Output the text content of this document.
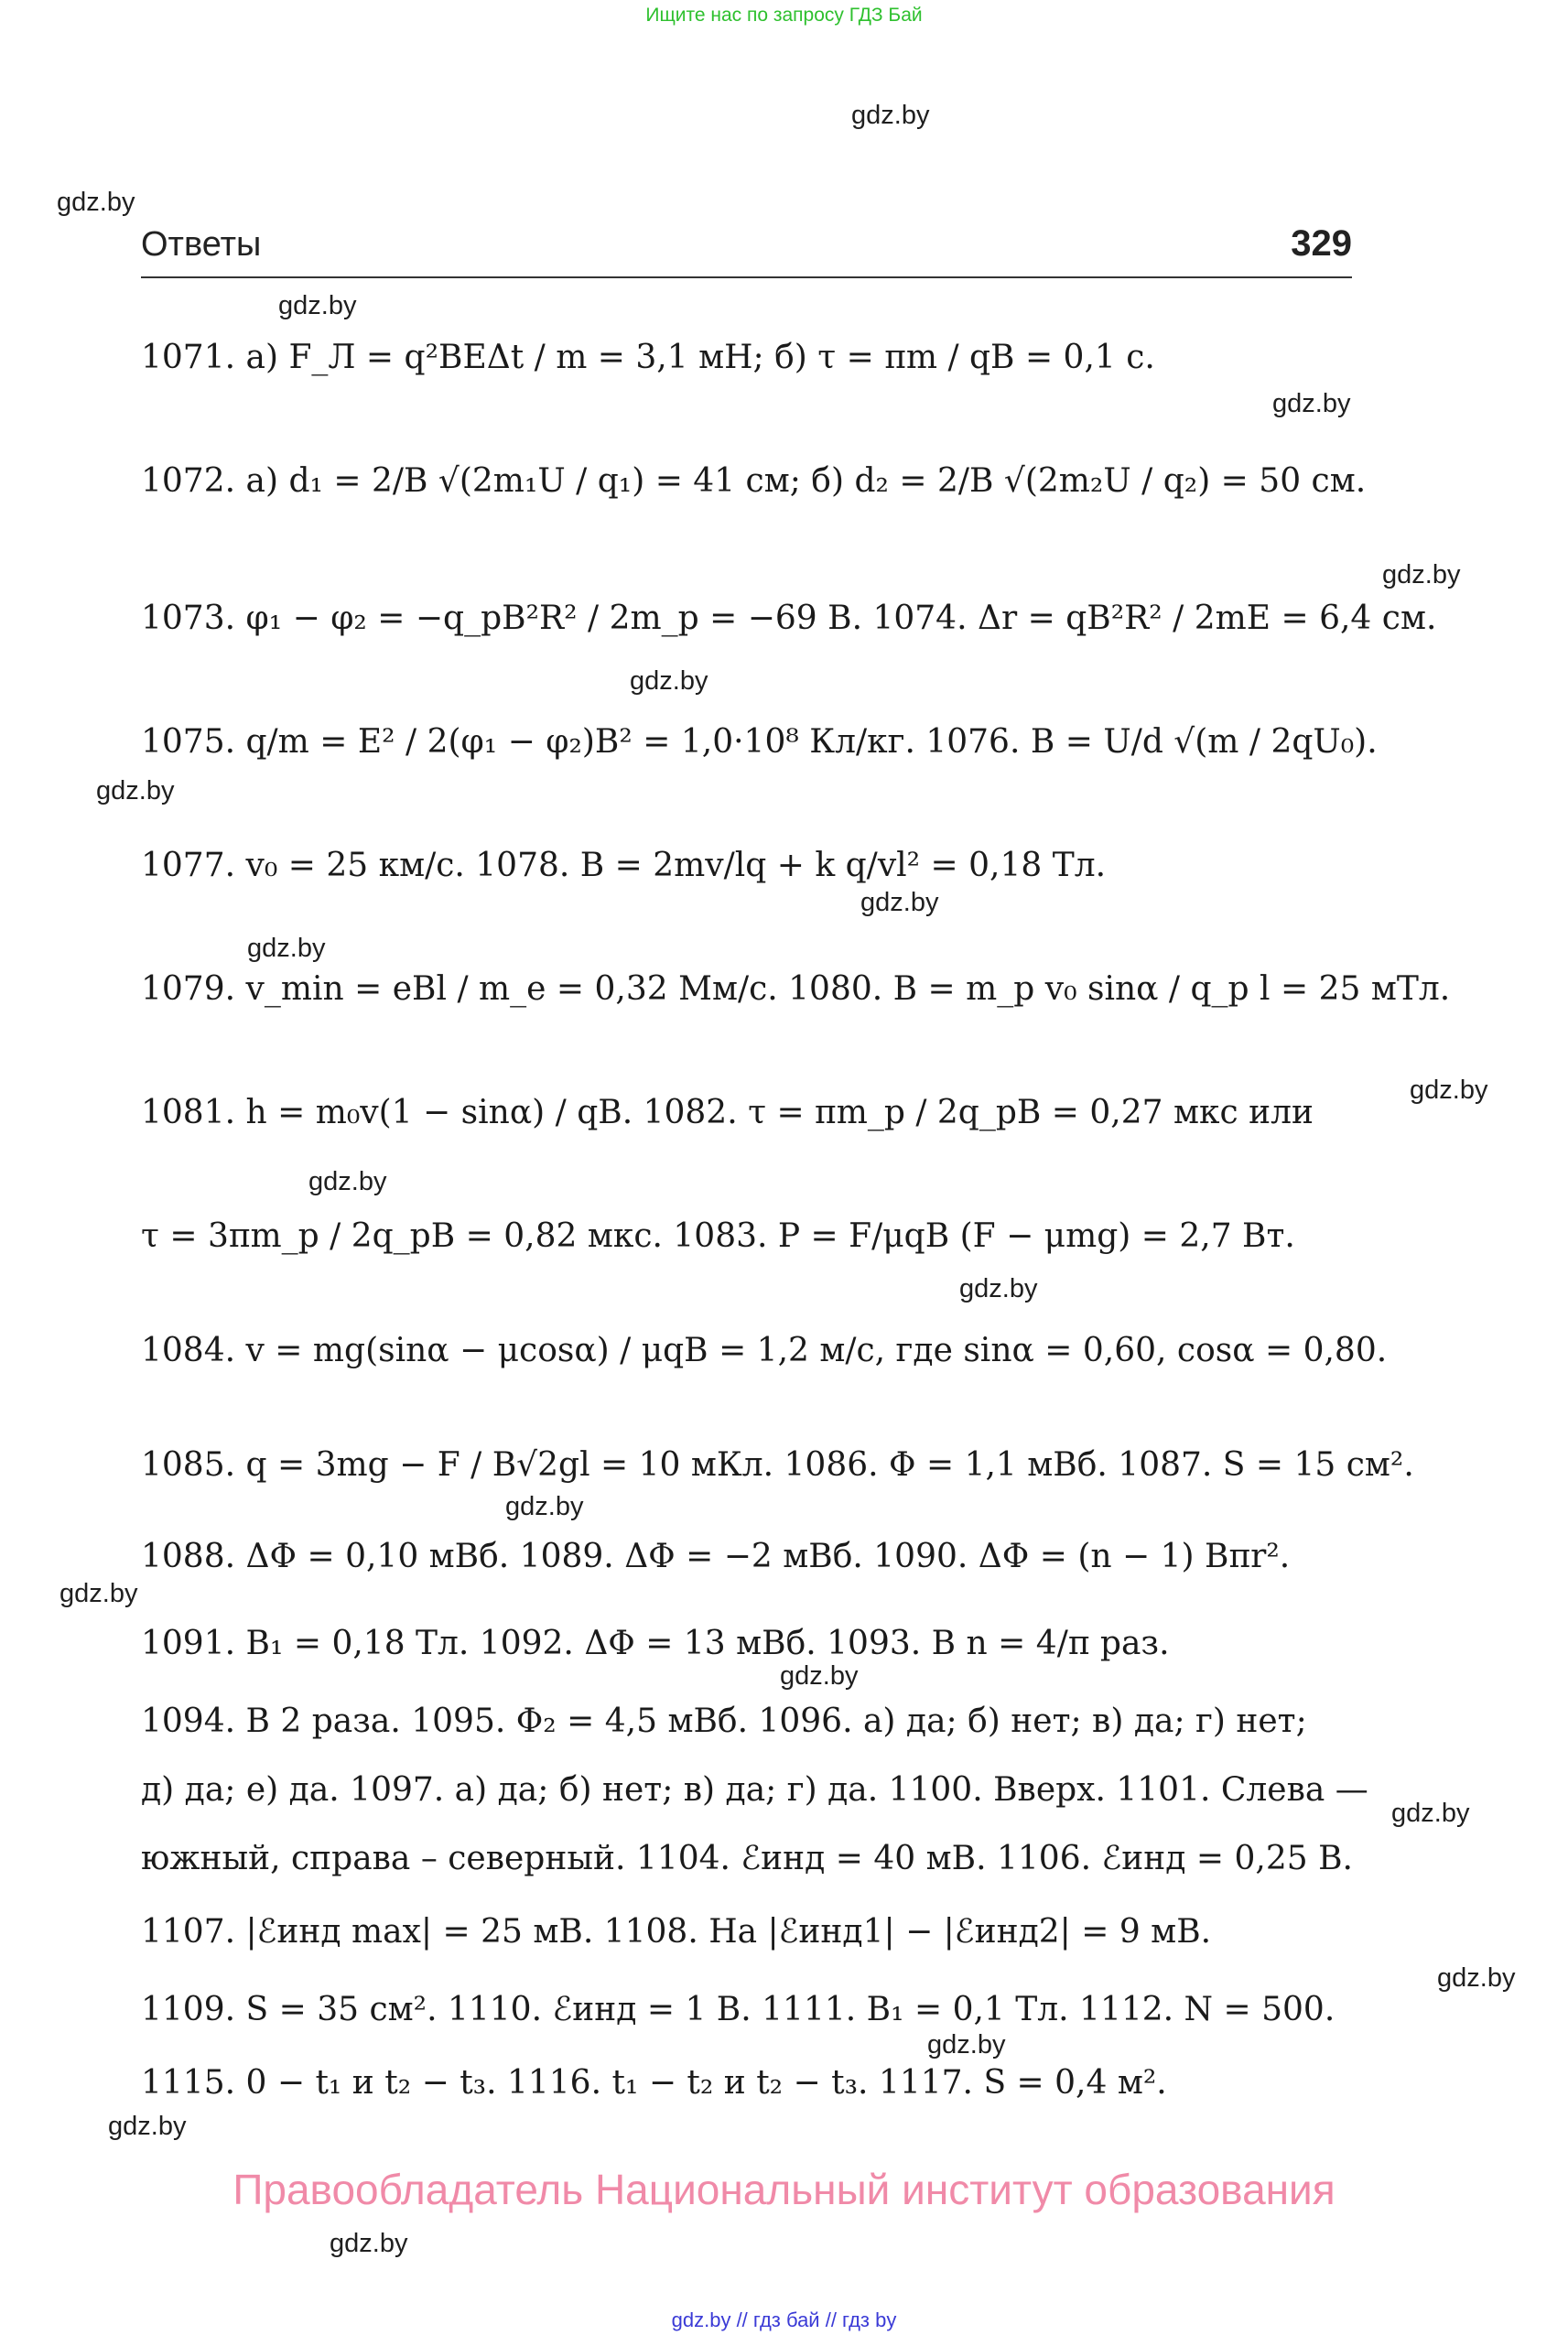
Ищите нас по запросу ГДЗ Бай
gdz.by
gdz.by
gdz.by
gdz.by
gdz.by
gdz.by
gdz.by
gdz.by
gdz.by
gdz.by
gdz.by
gdz.by
gdz.by
gdz.by
gdz.by
gdz.by
gdz.by
gdz.by
gdz.by
gdz.by
Ответы	329
1071. а) F_Л = q²BEΔt / m = 3,1 мН; б) τ = πm / qB = 0,1 с.
1072. а) d₁ = 2/B √(2m₁U / q₁) = 41 см; б) d₂ = 2/B √(2m₂U / q₂) = 50 см.
1073. φ₁ − φ₂ = −q_pB²R² / 2m_p = −69 В. 1074. Δr = qB²R² / 2mE = 6,4 см.
1075. q/m = E² / 2(φ₁ − φ₂)B² = 1,0·10⁸ Кл/кг. 1076. B = U/d √(m / 2qU₀).
1077. v₀ = 25 км/с. 1078. B = 2mv/lq + k q/vl² = 0,18 Тл.
1079. v_min = eBl / m_e = 0,32 Мм/с. 1080. B = m_p v₀ sinα / q_p l = 25 мТл.
1081. h = m₀v(1 − sinα) / qB. 1082. τ = πm_p / 2q_pB = 0,27 мкс или
τ = 3πm_p / 2q_pB = 0,82 мкс. 1083. P = F/μqB (F − μmg) = 2,7 Вт.
1084. v = mg(sinα − μcosα) / μqB = 1,2 м/с, где sinα = 0,60, cosα = 0,80.
1085. q = 3mg − F / B√2gl = 10 мКл. 1086. Φ = 1,1 мВб. 1087. S = 15 см².
1088. ΔΦ = 0,10 мВб. 1089. ΔΦ = −2 мВб. 1090. ΔΦ = (n − 1) Bπr².
1091. B₁ = 0,18 Тл. 1092. ΔΦ = 13 мВб. 1093. В n = 4/π раз.
1094. В 2 раза. 1095. Φ₂ = 4,5 мВб. 1096. а) да; б) нет; в) да; г) нет;
д) да; е) да. 1097. а) да; б) нет; в) да; г) да. 1100. Вверх. 1101. Слева —
южный, справа – северный. 1104. ℰинд = 40 мВ. 1106. ℰинд = 0,25 В.
1107. |ℰинд max| = 25 мВ. 1108. На |ℰинд1| − |ℰинд2| = 9 мВ.
1109. S = 35 см². 1110. ℰинд = 1 В. 1111. B₁ = 0,1 Тл. 1112. N = 500.
1115. 0 − t₁ и t₂ − t₃. 1116. t₁ − t₂ и t₂ − t₃. 1117. S = 0,4 м².
Правообладатель Национальный институт образования
gdz.by // гдз бай // гдз by
